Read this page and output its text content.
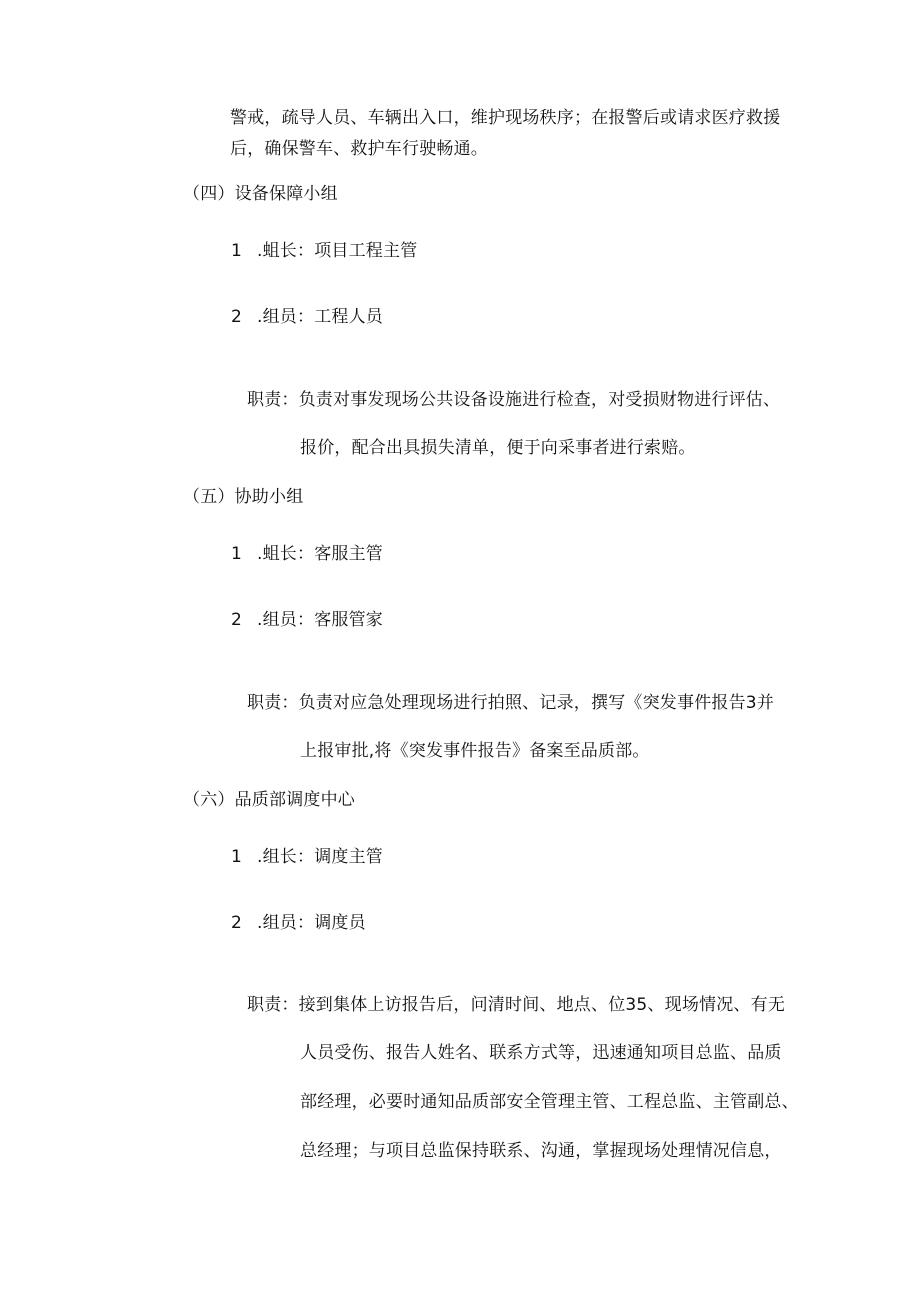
警戒，疏导人员、车辆出入口，维护现场秩序；在报警后或请求医疗救援
后，确保警车、救护车行驶畅通。
（四）设备保障小组
1 .蛆长：项目工程主管
2 .组员：工程人员
职责：负责对事发现场公共设备设施进行检查，对受损财物进行评估、
报价，配合出具损失清单，便于向采事者进行索赔。
（五）协助小组
1 .蛆长：客服主管
2 .组员：客服管家
职责：负责对应急处理现场进行拍照、记录，撰写《突发事件报告3并
上报审批,将《突发事件报告》备案至品质部。
（六）品质部调度中心
1 .组长：调度主管
2 .组员：调度员
职责：接到集体上访报告后，问清时间、地点、位35、现场情况、有无
人员受伤、报告人姓名、联系方式等，迅速通知项目总监、品质
部经理，必要时通知品质部安全管理主管、工程总监、主管副总、
总经理；与项目总监保持联系、沟通，掌握现场处理情况信息，
